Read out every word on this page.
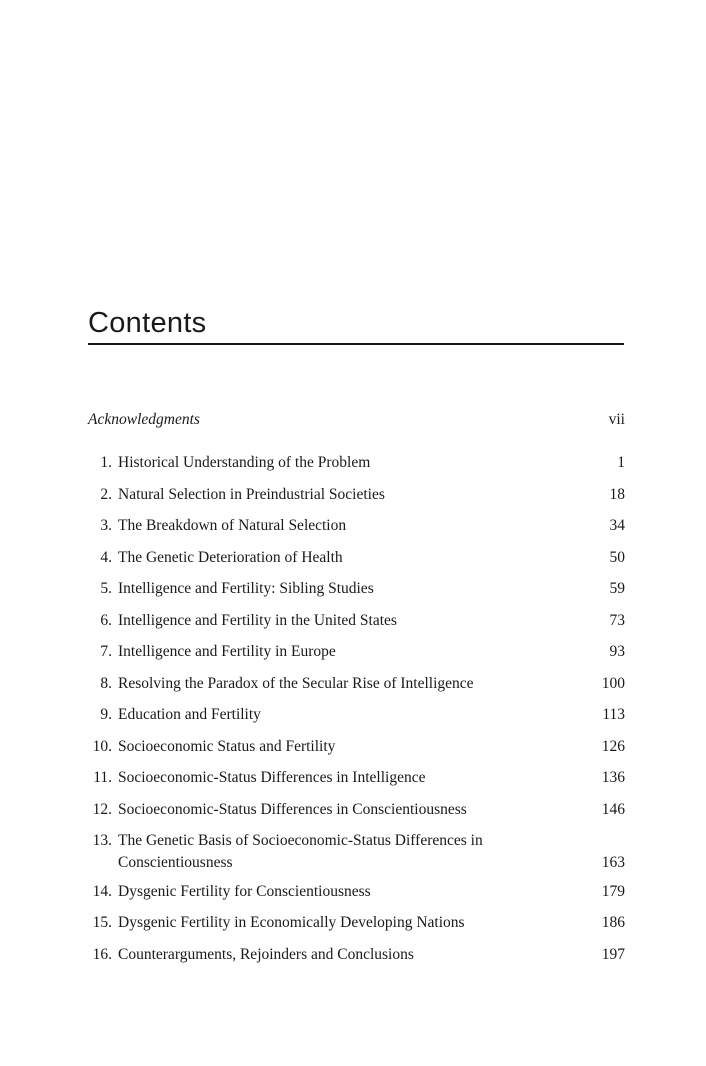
Contents
Acknowledgments	vii
1. Historical Understanding of the Problem	1
2. Natural Selection in Preindustrial Societies	18
3. The Breakdown of Natural Selection	34
4. The Genetic Deterioration of Health	50
5. Intelligence and Fertility: Sibling Studies	59
6. Intelligence and Fertility in the United States	73
7. Intelligence and Fertility in Europe	93
8. Resolving the Paradox of the Secular Rise of Intelligence	100
9. Education and Fertility	113
10. Socioeconomic Status and Fertility	126
11. Socioeconomic-Status Differences in Intelligence	136
12. Socioeconomic-Status Differences in Conscientiousness	146
13. The Genetic Basis of Socioeconomic-Status Differences in
Conscientiousness	163
14. Dysgenic Fertility for Conscientiousness	179
15. Dysgenic Fertility in Economically Developing Nations	186
16. Counterarguments, Rejoinders and Conclusions	197
